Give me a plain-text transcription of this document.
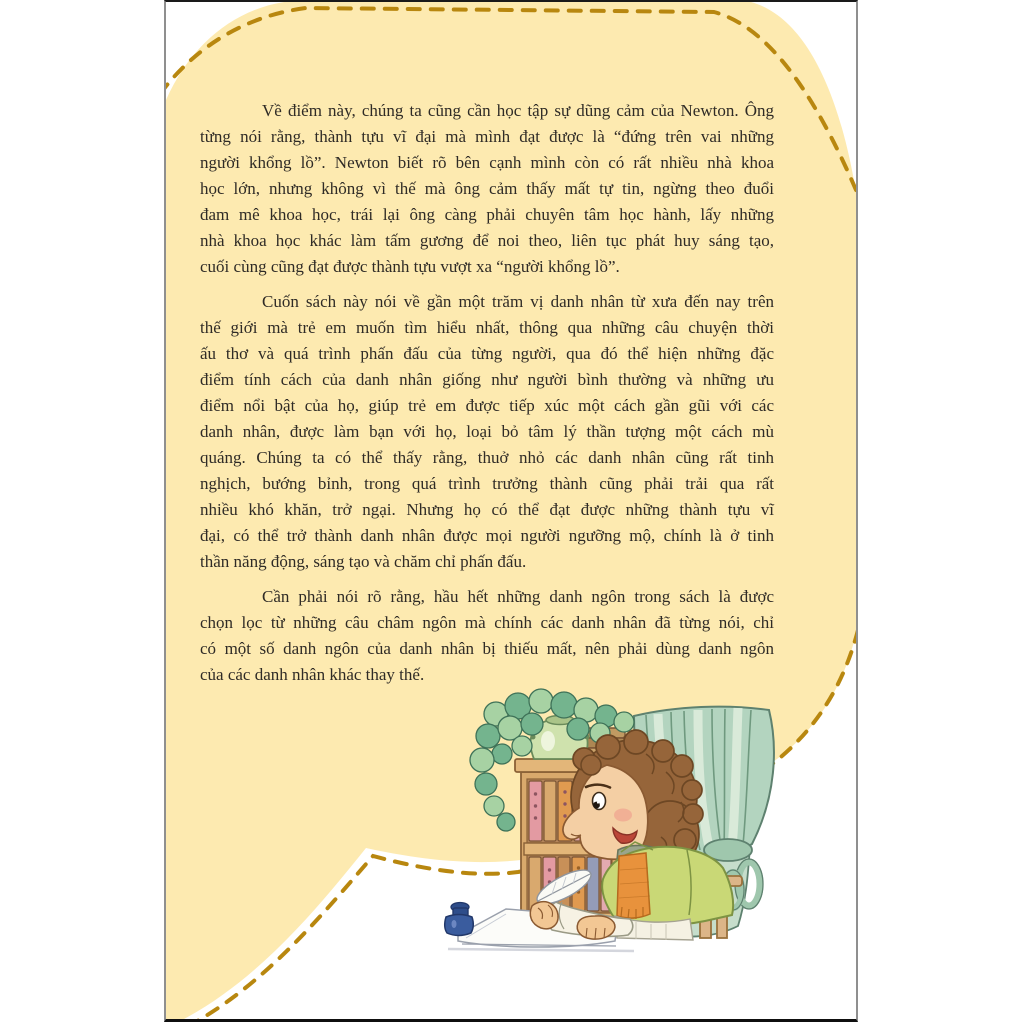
Về điểm này, chúng ta cũng cần học tập sự dũng cảm của Newton. Ông
từng nói rằng, thành tựu vĩ đại mà mình đạt được là “đứng trên vai những
người khổng lồ”. Newton biết rõ bên cạnh mình còn có rất nhiều nhà khoa
học lớn, nhưng không vì thế mà ông cảm thấy mất tự tin, ngừng theo đuổi
đam mê khoa học, trái lại ông càng phải chuyên tâm học hành, lấy những
nhà khoa học khác làm tấm gương để noi theo, liên tục phát huy sáng tạo,
cuối cùng cũng đạt được thành tựu vượt xa “người khổng lồ”.
Cuốn sách này nói về gần một trăm vị danh nhân từ xưa đến nay trên
thế giới mà trẻ em muốn tìm hiểu nhất, thông qua những câu chuyện thời
ấu thơ và quá trình phấn đấu của từng người, qua đó thể hiện những đặc
điểm tính cách của danh nhân giống như người bình thường và những ưu
điểm nổi bật của họ, giúp trẻ em được tiếp xúc một cách gần gũi với các
danh nhân, được làm bạn với họ, loại bỏ tâm lý thần tượng một cách mù
quáng. Chúng ta có thể thấy rằng, thuở nhỏ các danh nhân cũng rất tinh
nghịch, bướng bỉnh, trong quá trình trưởng thành cũng phải trải qua rất
nhiều khó khăn, trở ngại. Nhưng họ có thể đạt được những thành tựu vĩ
đại, có thể trở thành danh nhân được mọi người ngưỡng mộ, chính là ở tinh
thần năng động, sáng tạo và chăm chỉ phấn đấu.
Cần phải nói rõ rằng, hầu hết những danh ngôn trong sách là được
chọn lọc từ những câu châm ngôn mà chính các danh nhân đã từng nói, chỉ
có một số danh ngôn của danh nhân bị thiếu mất, nên phải dùng danh ngôn
của các danh nhân khác thay thế.
